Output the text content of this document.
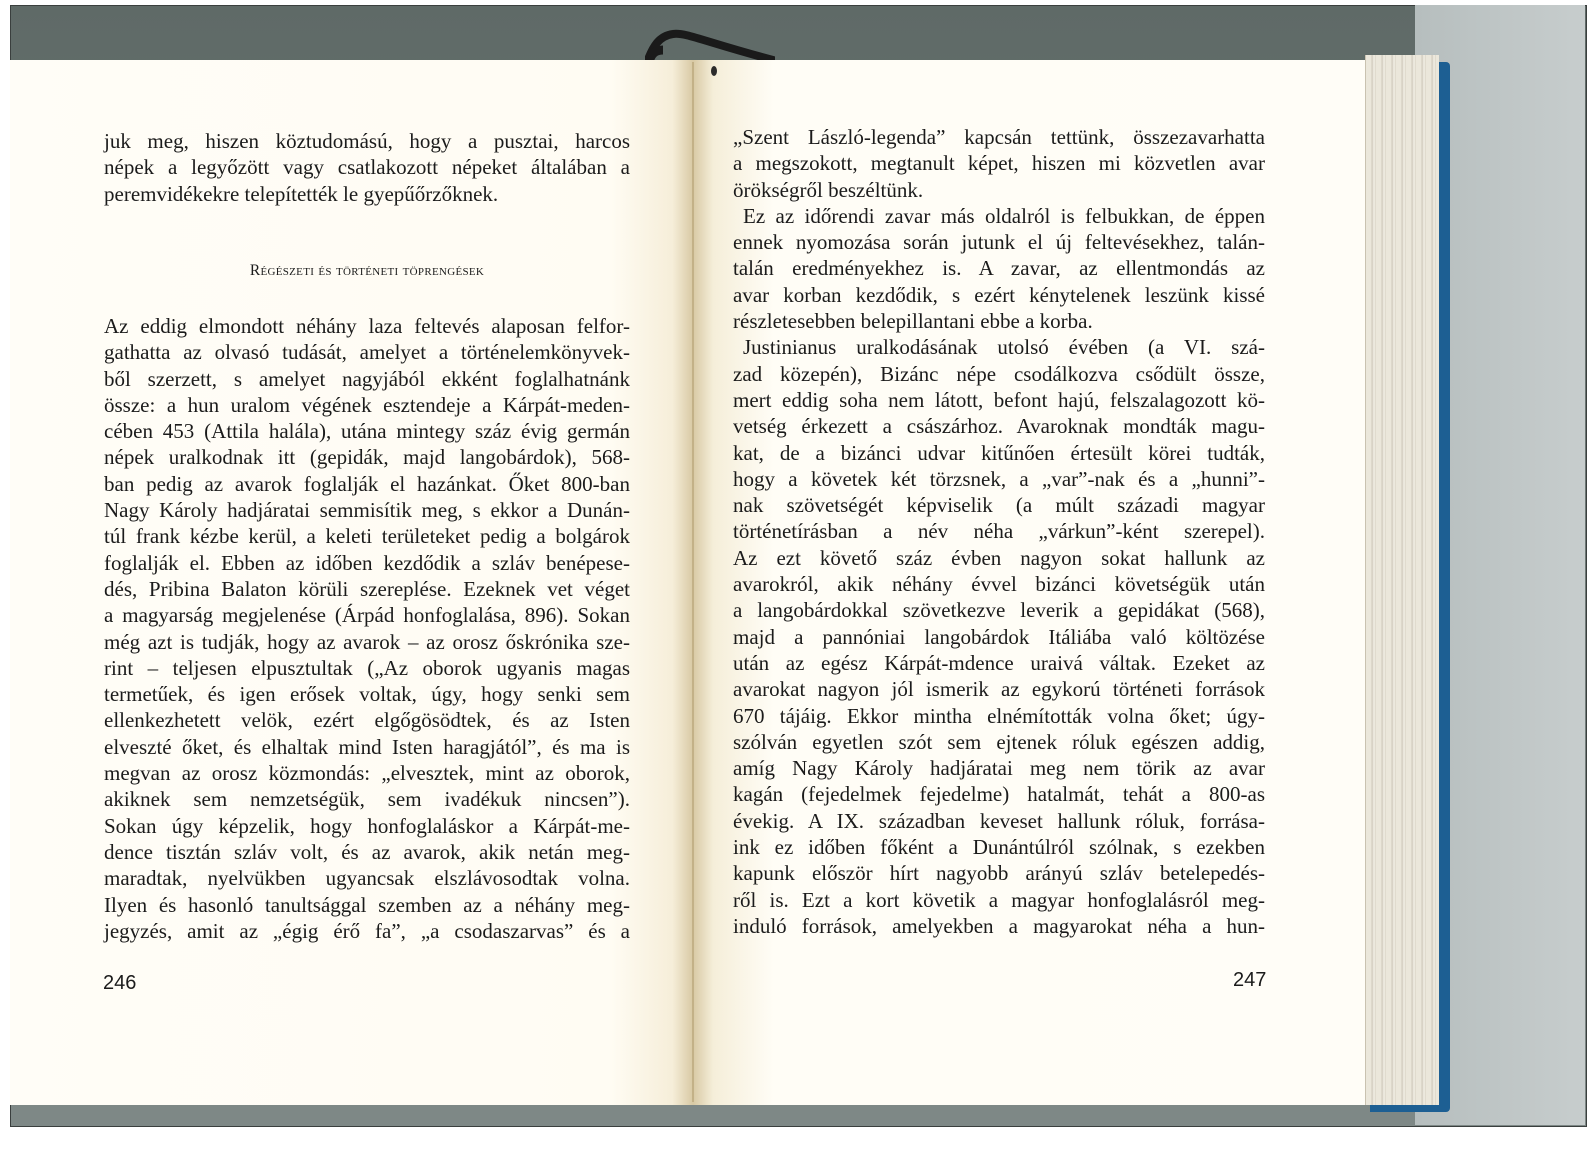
juk meg, hiszen köztudomású, hogy a pusztai, harcos
népek a legyőzött vagy csatlakozott népeket általában a
peremvidékekre telepítették le gyepűőrzőknek.
Régészeti és történeti töprengések
Az eddig elmondott néhány laza feltevés alaposan felfor-
gathatta az olvasó tudását, amelyet a történelemkönyvek-
ből szerzett, s amelyet nagyjából ekként foglalhatnánk
össze: a hun uralom végének esztendeje a Kárpát-meden-
cében 453 (Attila halála), utána mintegy száz évig germán
népek uralkodnak itt (gepidák, majd langobárdok), 568-
ban pedig az avarok foglalják el hazánkat. Őket 800-ban
Nagy Károly hadjáratai semmisítik meg, s ekkor a Dunán-
túl frank kézbe kerül, a keleti területeket pedig a bolgárok
foglalják el. Ebben az időben kezdődik a szláv benépese-
dés, Pribina Balaton körüli szereplése. Ezeknek vet véget
a magyarság megjelenése (Árpád honfoglalása, 896). Sokan
még azt is tudják, hogy az avarok – az orosz őskrónika sze-
rint – teljesen elpusztultak („Az oborok ugyanis magas
termetűek, és igen erősek voltak, úgy, hogy senki sem
ellenkezhetett velök, ezért elgőgösödtek, és az Isten
elveszté őket, és elhaltak mind Isten haragjától”, és ma is
megvan az orosz közmondás: „elvesztek, mint az oborok,
akiknek sem nemzetségük, sem ivadékuk nincsen”).
Sokan úgy képzelik, hogy honfoglaláskor a Kárpát-me-
dence tisztán szláv volt, és az avarok, akik netán meg-
maradtak, nyelvükben ugyancsak elszlávosodtak volna.
Ilyen és hasonló tanultsággal szemben az a néhány meg-
jegyzés, amit az „égig érő fa”, „a csodaszarvas” és a
246
„Szent László-legenda” kapcsán tettünk, összezavarhatta
a megszokott, megtanult képet, hiszen mi közvetlen avar
örökségről beszéltünk.
Ez az időrendi zavar más oldalról is felbukkan, de éppen
ennek nyomozása során jutunk el új feltevésekhez, talán-
talán eredményekhez is. A zavar, az ellentmondás az
avar korban kezdődik, s ezért kénytelenek leszünk kissé
részletesebben belepillantani ebbe a korba.
Justinianus uralkodásának utolsó évében (a VI. szá-
zad közepén), Bizánc népe csodálkozva csődült össze,
mert eddig soha nem látott, befont hajú, felszalagozott kö-
vetség érkezett a császárhoz. Avaroknak mondták magu-
kat, de a bizánci udvar kitűnően értesült körei tudták,
hogy a követek két törzsnek, a „var”-nak és a „hunni”-
nak szövetségét képviselik (a múlt századi magyar
történetírásban a név néha „várkun”-ként szerepel).
Az ezt követő száz évben nagyon sokat hallunk az
avarokról, akik néhány évvel bizánci követségük után
a langobárdokkal szövetkezve leverik a gepidákat (568),
majd a pannóniai langobárdok Itáliába való költözése
után az egész Kárpát-mdence uraivá váltak. Ezeket az
avarokat nagyon jól ismerik az egykorú történeti források
670 tájáig. Ekkor mintha elnémították volna őket; úgy-
szólván egyetlen szót sem ejtenek róluk egészen addig,
amíg Nagy Károly hadjáratai meg nem törik az avar
kagán (fejedelmek fejedelme) hatalmát, tehát a 800-as
évekig. A IX. században keveset hallunk róluk, forrása-
ink ez időben főként a Dunántúlról szólnak, s ezekben
kapunk először hírt nagyobb arányú szláv betelepedés-
ről is. Ezt a kort követik a magyar honfoglalásról meg-
induló források, amelyekben a magyarokat néha a hun-
247
